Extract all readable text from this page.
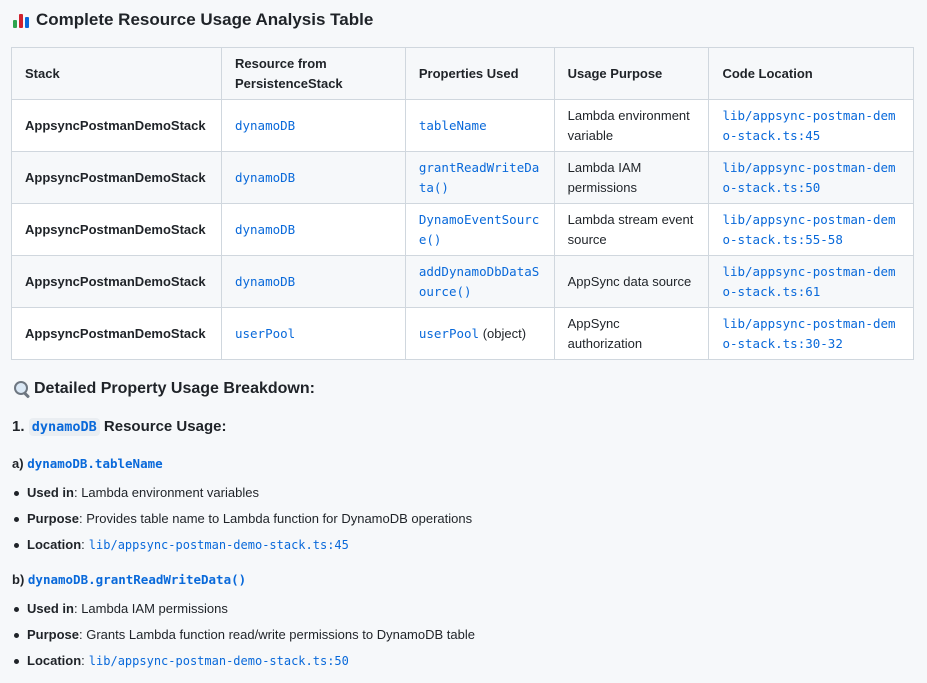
Complete Resource Usage Analysis Table
Stack	Resource from PersistenceStack	Properties Used	Usage Purpose	Code Location
AppsyncPostmanDemoStack	dynamoDB	tableName	Lambda environment variable	lib/appsync-postman-demo-stack.ts:45

AppsyncPostmanDemoStack	dynamoDB	grantReadWriteData()	Lambda IAM permissions	lib/appsync-postman-demo-stack.ts:50

AppsyncPostmanDemoStack	dynamoDB	DynamoEventSource()	Lambda stream event source	lib/appsync-postman-demo-stack.ts:55-58

AppsyncPostmanDemoStack	dynamoDB	addDynamoDbDataSource()	AppSync data source	lib/appsync-postman-demo-stack.ts:61

AppsyncPostmanDemoStack	userPool	userPool (object)	AppSync authorization	lib/appsync-postman-demo-stack.ts:30-32
Detailed Property Usage Breakdown:
1. dynamoDB Resource Usage:
a) dynamoDB.tableName
Used in: Lambda environment variables
Purpose: Provides table name to Lambda function for DynamoDB operations
Location: lib/appsync-postman-demo-stack.ts:45
b) dynamoDB.grantReadWriteData()
Used in: Lambda IAM permissions
Purpose: Grants Lambda function read/write permissions to DynamoDB table
Location: lib/appsync-postman-demo-stack.ts:50
